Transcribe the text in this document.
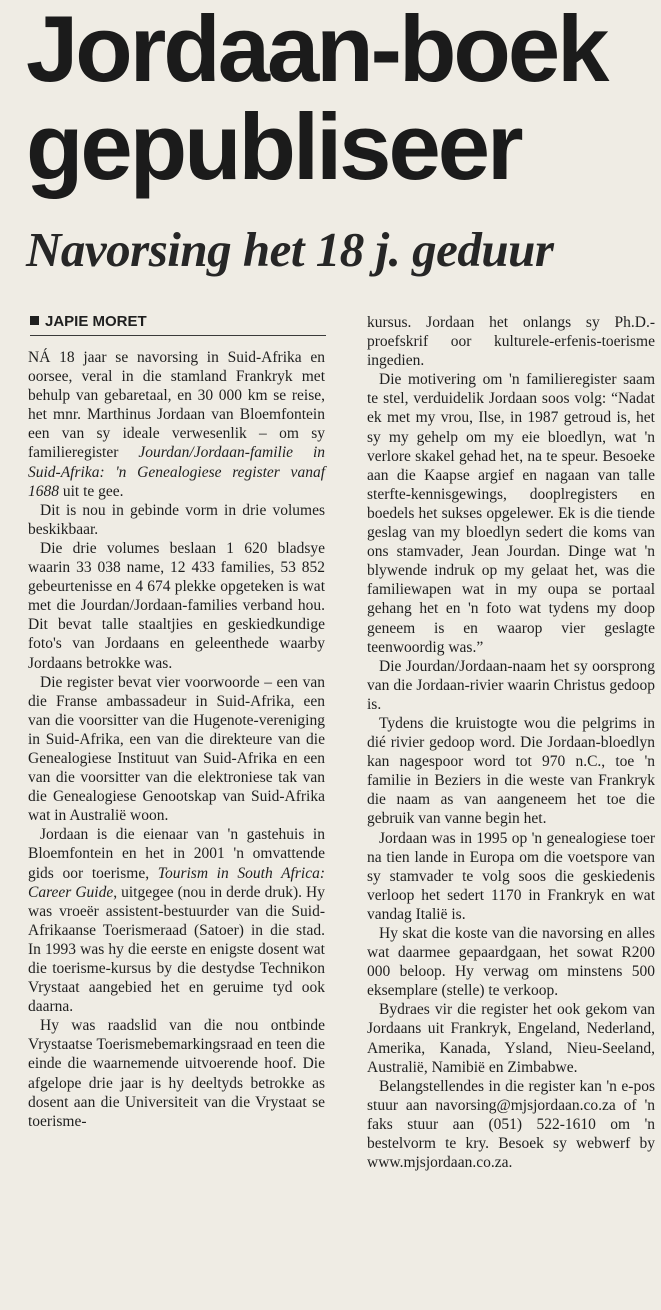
Jordaan-boek gepubliseer
Navorsing het 18 j. geduur
JAPIE MORET

NÁ 18 jaar se navorsing in Suid-Afrika en oorsee, veral in die stamland Frankryk met behulp van gebaretaal, en 30 000 km se reise, het mnr. Marthinus Jordaan van Bloemfontein een van sy ideale verwesenlik – om sy familieregister Jourdan/Jordaan-familie in Suid-Afrika: 'n Genealogiese register vanaf 1688 uit te gee.

Dit is nou in gebinde vorm in drie volumes beskikbaar.

Die drie volumes beslaan 1 620 bladsye waarin 33 038 name, 12 433 families, 53 852 gebeurtenisse en 4 674 plekke opgeteken is wat met die Jourdan/Jordaan-families verband hou. Dit bevat talle staaltjies en geskiedkundige foto's van Jordaans en geleenthede waarby Jordaans betrokke was.

Die register bevat vier voorwoorde – een van die Franse ambassadeur in Suid-Afrika, een van die voorsitter van die Hugenote-vereniging in Suid-Afrika, een van die direkteure van die Genealogiese Instituut van Suid-Afrika en een van die voorsitter van die elektroniese tak van die Genealogiese Genootskap van Suid-Afrika wat in Australië woon.

Jordaan is die eienaar van 'n gastehuis in Bloemfontein en het in 2001 'n omvattende gids oor toerisme, Tourism in South Africa: Career Guide, uitgegee (nou in derde druk). Hy was vroeër assistent-bestuurder van die Suid-Afrikaanse Toerismeraad (Satoer) in die stad. In 1993 was hy die eerste en enigste dosent wat die toerisme-kursus by die destydse Technikon Vrystaat aangebied het en geruime tyd ook daarna.

Hy was raadslid van die nou ontbinde Vrystaatse Toerismebemarkingsraad en teen die einde die waarnemende uitvoerende hoof. Die afgelope drie jaar is hy deeltyds betrokke as dosent aan die Universiteit van die Vrystaat se toerisme-

kursus. Jordaan het onlangs sy Ph.D.-proefskrif oor kulturele-erfenis-toerisme ingedien.

Die motivering om 'n familieregister saam te stel, verduidelik Jordaan soos volg: “Nadat ek met my vrou, Ilse, in 1987 getroud is, het sy my gehelp om my eie bloedlyn, wat 'n verlore skakel gehad het, na te speur. Besoeke aan die Kaapse argief en nagaan van talle sterfte-kennisgewings, dooplregisters en boedels het sukses opgelewer. Ek is die tiende geslag van my bloedlyn sedert die koms van ons stamvader, Jean Jourdan. Dinge wat 'n blywende indruk op my gelaat het, was die familiewapen wat in my oupa se portaal gehang het en 'n foto wat tydens my doop geneem is en waarop vier geslagte teenwoordig was.”

Die Jourdan/Jordaan-naam het sy oorsprong van die Jordaan-rivier waarin Christus gedoop is.

Tydens die kruistogte wou die pelgrims in dié rivier gedoop word. Die Jordaan-bloedlyn kan nagespoor word tot 970 n.C., toe 'n familie in Beziers in die weste van Frankryk die naam as van aangeneem het toe die gebruik van vanne begin het.

Jordaan was in 1995 op 'n genealogiese toer na tien lande in Europa om die voetspore van sy stamvader te volg soos die geskiedenis verloop het sedert 1170 in Frankryk en wat vandag Italië is.

Hy skat die koste van die navorsing en alles wat daarmee gepaardgaan, het sowat R200 000 beloop. Hy verwag om minstens 500 eksemplare (stelle) te verkoop.

Bydraes vir die register het ook gekom van Jordaans uit Frankryk, Engeland, Nederland, Amerika, Kanada, Ysland, Nieu-Seeland, Australië, Namibië en Zimbabwe.

Belangstellendes in die register kan 'n e-pos stuur aan navorsing@mjsjordaan.co.za of 'n faks stuur aan (051) 522-1610 om 'n bestelvorm te kry. Besoek sy webwerf by www.mjsjordaan.co.za.
